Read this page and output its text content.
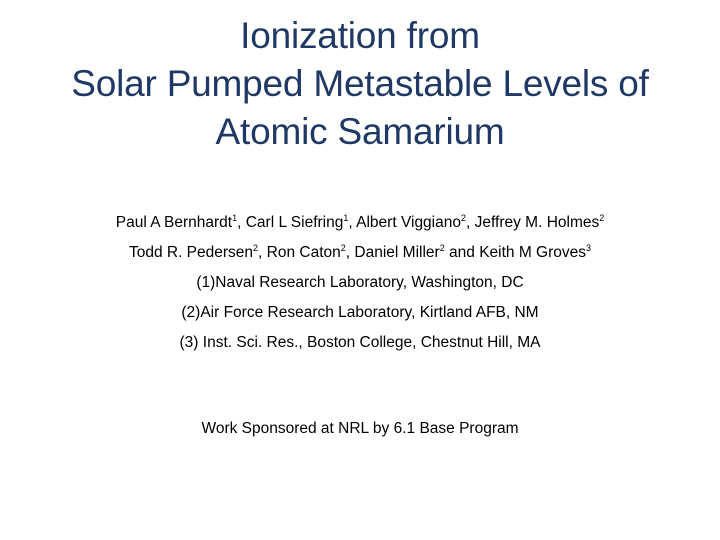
Ionization from
Solar Pumped Metastable Levels of
Atomic Samarium
Paul A Bernhardt$^1$, Carl L Siefring$^1$, Albert Viggiano$^2$, Jeffrey M. Holmes$^2$
Todd R. Pedersen$^2$, Ron Caton$^2$, Daniel Miller$^2$ and Keith M Groves$^3$
(1)Naval Research Laboratory, Washington, DC
(2)Air Force Research Laboratory, Kirtland AFB, NM
(3) Inst. Sci. Res., Boston College, Chestnut Hill, MA
Work Sponsored at NRL by 6.1 Base Program
